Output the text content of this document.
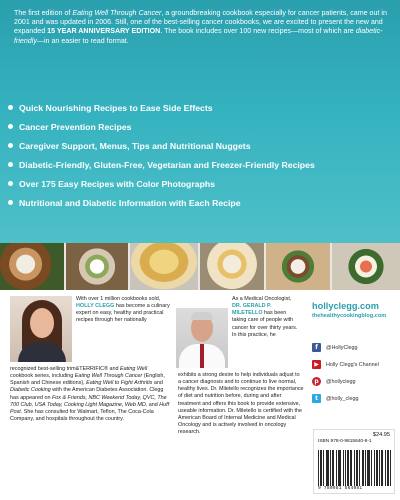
The first edition of Eating Well Through Cancer, a groundbreaking cookbook especially for cancer patients, came out in 2001 and was updated in 2006. Still, one of the best-selling cancer cookbooks, we are excited to present the new and expanded 15 YEAR ANNIVERSARY EDITION. The book includes over 100 new recipes—most of which are diabetic-friendly—in an easier to read format.

Quick Nourishing Recipes to Ease Side Effects
Cancer Prevention Recipes
Caregiver Support, Menus, Tips and Nutritional Nuggets
Diabetic-Friendly, Gluten-Free, Vegetarian and Freezer-Friendly Recipes
Over 175 Easy Recipes with Color Photographs
Nutritional and Diabetic Information with Each Recipe
With over 1 million cookbooks sold, HOLLY CLEGG has become a culinary expert on easy, healthy and practical recipes through her nationally
recognized best-selling trim&TERRIFIC® and Eating Well cookbook series, including Eating Well Through Cancer (English, Spanish and Chinese editions), Eating Well to Fight Arthritis and Diabetic Cooking with the American Diabetes Association. Clegg has appeared on Fox & Friends, NBC Weekend Today, QVC, The 700 Club, USA Today, Cooking Light Magazine, Web MD, and Huff Post. She has consulted for Walmart, Teflon, The Coca-Cola Company, and hospitals throughout the country.
As a Medical Oncologist, DR. GERALD P. MILETELLO has been taking care of people with cancer for over thirty years. In this practice, he
exhibits a strong desire to help individuals adjust to a cancer diagnosis and to continue to live normal, healthy lives. Dr. Miletello recognizes the importance of diet and nutrition before, during and after treatment and offers this book to provide extensive, useable information. Dr. Miletello is certified with the American Board of Internal Medicine and Medical Oncology and is actively involved in oncology research.
hollyclegg.com
thehealthycookingblog.com
f	@HollyClegg
▶	Holly Clegg's Channel
p	@hollyclegg
t	@holly_clegg
$24.95
ISBN 978-0-9815640-8-1
9 780981 564081
